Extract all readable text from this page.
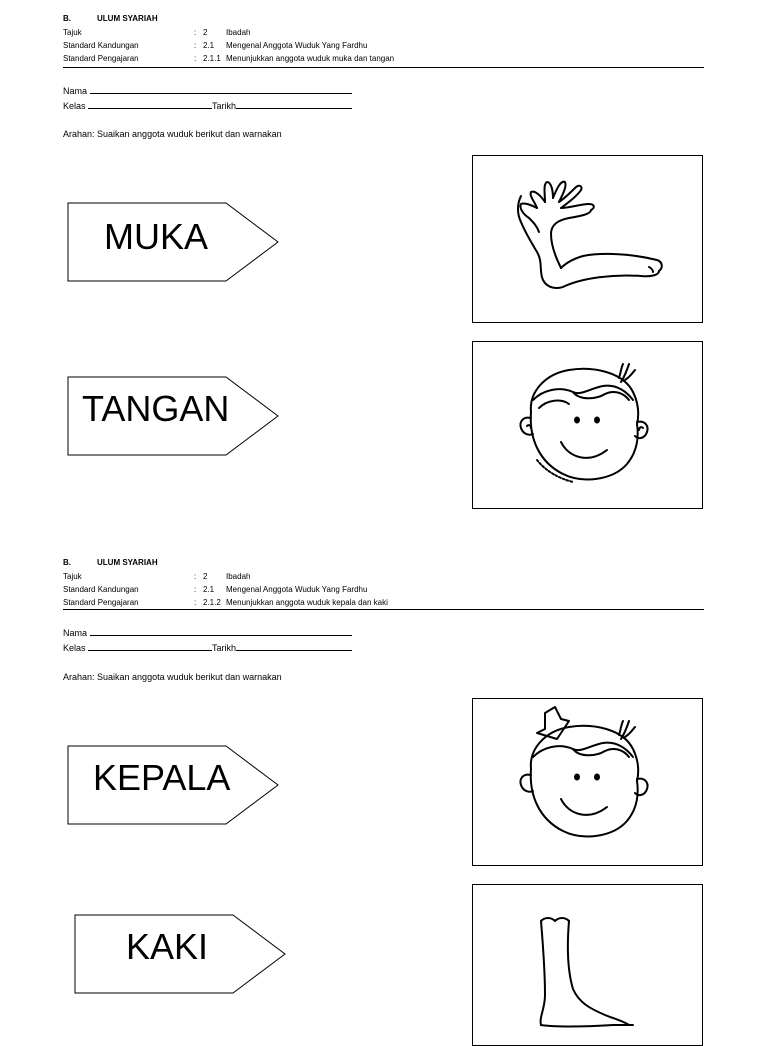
B.	ULUM SYARIAH
Tajuk	: 2 Ibadah
Standard Kandungan	: 2.1 Mengenal Anggota Wuduk Yang Fardhu
Standard Pengajaran	: 2.1.1 Menunjukkan anggota wuduk muka dan tangan
Nama
Kelas	Tarikh
Arahan: Suaikan anggota wuduk berikut dan warnakan
MUKA
TANGAN
B.	ULUM SYARIAH
Tajuk	: 2 Ibadah
Standard Kandungan	: 2.1 Mengenal Anggota Wuduk Yang Fardhu
Standard Pengajaran	: 2.1.2 Menunjukkan anggota wuduk kepala dan kaki
Nama
Kelas	Tarikh
Arahan: Suaikan anggota wuduk berikut dan warnakan
KEPALA
KAKI
